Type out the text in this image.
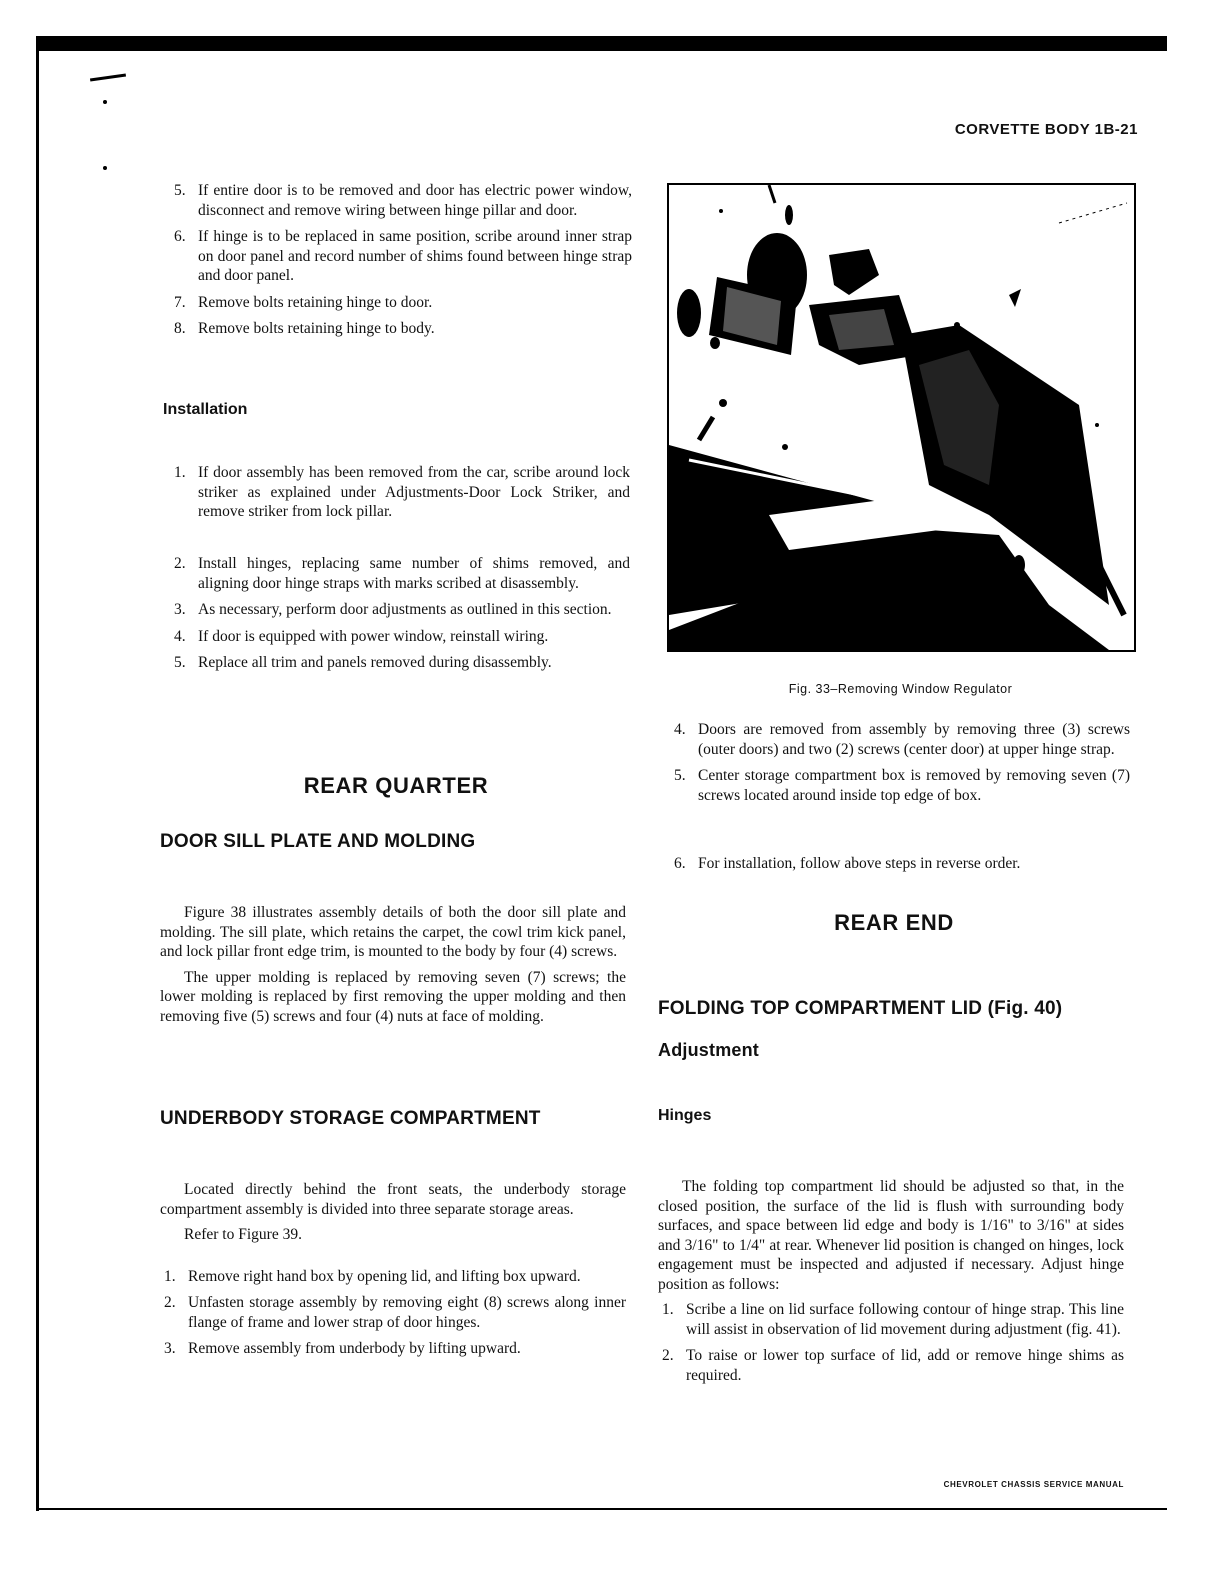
CORVETTE BODY 1B-21
5. If entire door is to be removed and door has electric power window, disconnect and remove wiring between hinge pillar and door.
6. If hinge is to be replaced in same position, scribe around inner strap on door panel and record number of shims found between hinge strap and door panel.
7. Remove bolts retaining hinge to door.
8. Remove bolts retaining hinge to body.
Installation
1. If door assembly has been removed from the car, scribe around lock striker as explained under Adjustments-Door Lock Striker, and remove striker from lock pillar.
2. Install hinges, replacing same number of shims removed, and aligning door hinge straps with marks scribed at disassembly.
3. As necessary, perform door adjustments as outlined in this section.
4. If door is equipped with power window, reinstall wiring.
5. Replace all trim and panels removed during disassembly.
REAR QUARTER
DOOR SILL PLATE AND MOLDING

Figure 38 illustrates assembly details of both the door sill plate and molding. The sill plate, which retains the carpet, the cowl trim kick panel, and lock pillar front edge trim, is mounted to the body by four (4) screws.

The upper molding is replaced by removing seven (7) screws; the lower molding is replaced by first removing the upper molding and then removing five (5) screws and four (4) nuts at face of molding.

UNDERBODY STORAGE COMPARTMENT

Located directly behind the front seats, the underbody storage compartment assembly is divided into three separate storage areas.

Refer to Figure 39.

1. Remove right hand box by opening lid, and lifting box upward.
2. Unfasten storage assembly by removing eight (8) screws along inner flange of frame and lower strap of door hinges.
3. Remove assembly from underbody by lifting upward.
Fig. 33–Removing Window Regulator
4. Doors are removed from assembly by removing three (3) screws (outer doors) and two (2) screws (center door) at upper hinge strap.
5. Center storage compartment box is removed by removing seven (7) screws located around inside top edge of box.
6. For installation, follow above steps in reverse order.
REAR END
FOLDING TOP COMPARTMENT LID (Fig. 40)
Adjustment
Hinges

The folding top compartment lid should be adjusted so that, in the closed position, the surface of the lid is flush with surrounding body surfaces, and space between lid edge and body is 1/16" to 3/16" at sides and 3/16" to 1/4" at rear. Whenever lid position is changed on hinges, lock engagement must be inspected and adjusted if necessary. Adjust hinge position as follows:

1. Scribe a line on lid surface following contour of hinge strap. This line will assist in observation of lid movement during adjustment (fig. 41).
2. To raise or lower top surface of lid, add or remove hinge shims as required.
CHEVROLET CHASSIS SERVICE MANUAL
